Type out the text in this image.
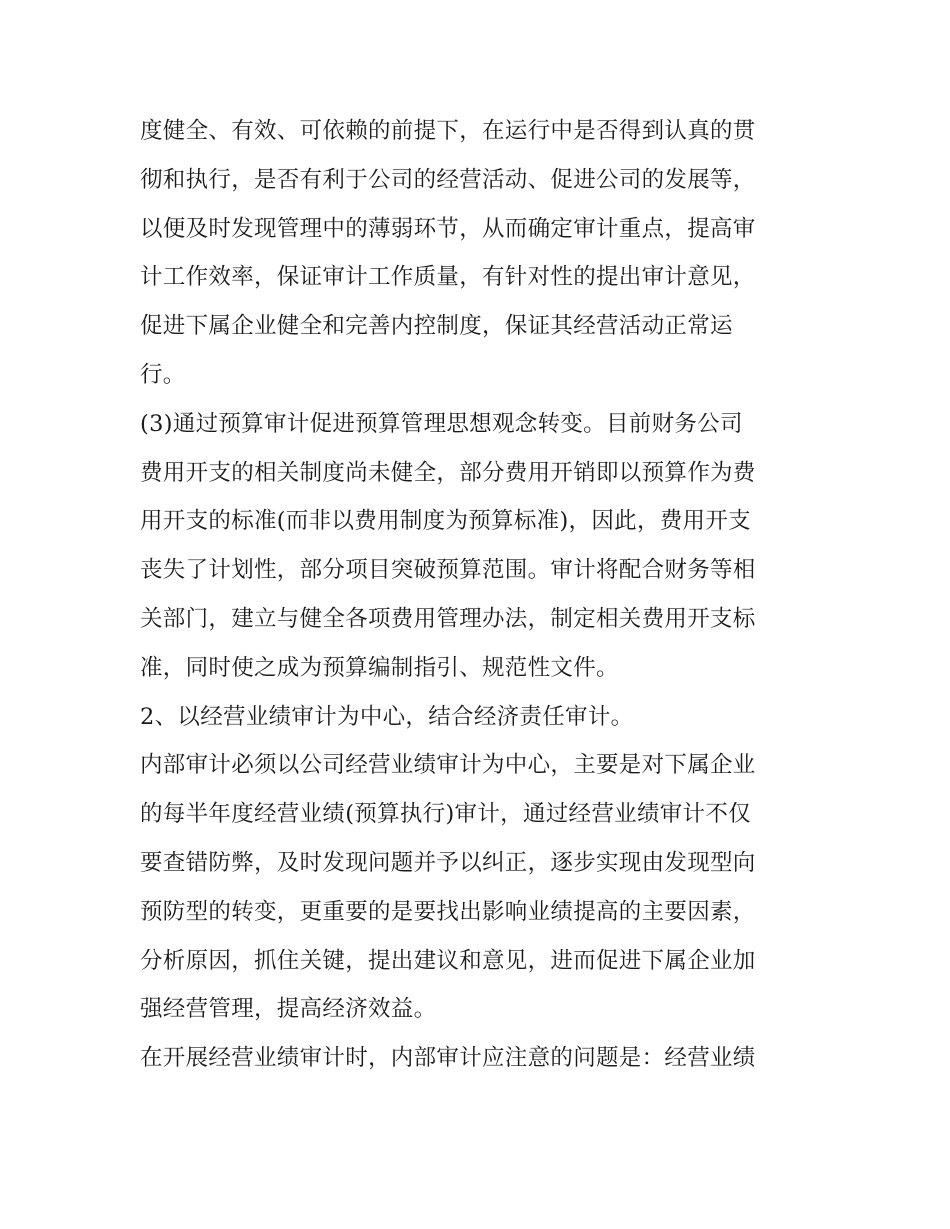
度健全、有效、可依赖的前提下，在运行中是否得到认真的贯
彻和执行，是否有利于公司的经营活动、促进公司的发展等，
以便及时发现管理中的薄弱环节，从而确定审计重点，提高审
计工作效率，保证审计工作质量，有针对性的提出审计意见，
促进下属企业健全和完善内控制度，保证其经营活动正常运
行。
(3)通过预算审计促进预算管理思想观念转变。目前财务公司
费用开支的相关制度尚未健全，部分费用开销即以预算作为费
用开支的标准(而非以费用制度为预算标准)，因此，费用开支
丧失了计划性，部分项目突破预算范围。审计将配合财务等相
关部门，建立与健全各项费用管理办法，制定相关费用开支标
准，同时使之成为预算编制指引、规范性文件。
2、以经营业绩审计为中心，结合经济责任审计。
内部审计必须以公司经营业绩审计为中心，主要是对下属企业
的每半年度经营业绩(预算执行)审计，通过经营业绩审计不仅
要查错防弊，及时发现问题并予以纠正，逐步实现由发现型向
预防型的转变，更重要的是要找出影响业绩提高的主要因素，
分析原因，抓住关键，提出建议和意见，进而促进下属企业加
强经营管理，提高经济效益。
在开展经营业绩审计时，内部审计应注意的问题是：经营业绩
